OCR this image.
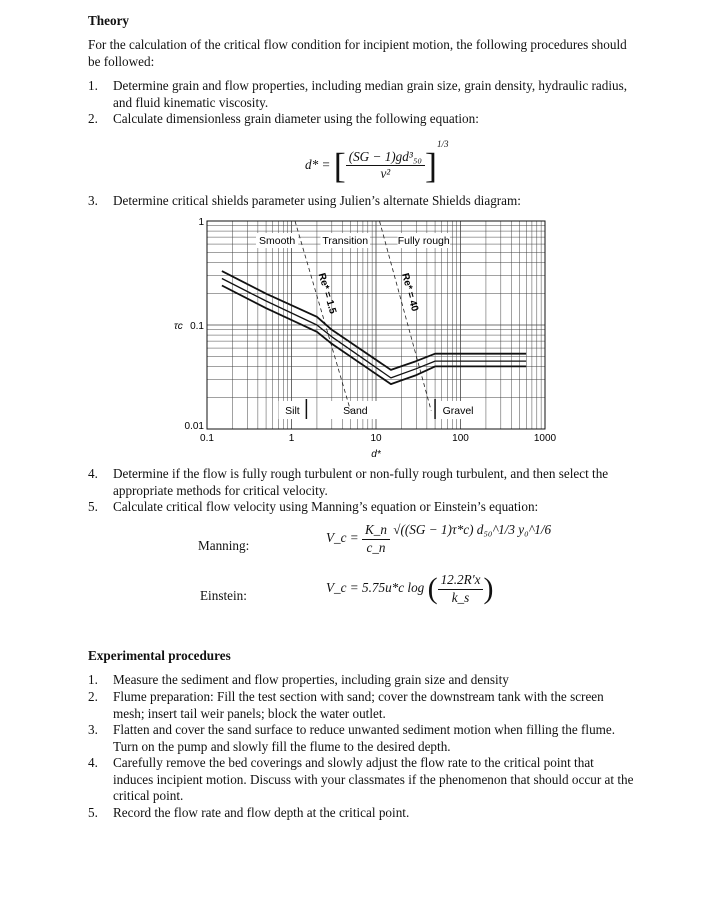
Theory
For the calculation of the critical flow condition for incipient motion, the following procedures should be followed:
1. Determine grain and flow properties, including median grain size, grain density, hydraulic radius, and fluid kinematic viscosity.
2. Calculate dimensionless grain diameter using the following equation:
d* = [ $\frac{\text{(SG − 1)gd³₅₀}}{\text{ν²}} ]^{1/3}$
3. Determine critical shields parameter using Julien’s alternate Shields diagram:
Smooth	Transition	Fully rough
Silt	Sand	Gravel
Re* = 1.5	Re* = 40
0.1	1	10	100	1000
0.01
0.1
1
d*
τc
4. Determine if the flow is fully rough turbulent or non-fully rough turbulent, and then select the appropriate methods for critical velocity.
5. Calculate critical flow velocity using Manning’s equation or Einstein’s equation:
Manning:
V_c = $\frac{K\_n}{c\_n} √((SG - 1)\tau*c)$ d₅₀^1/3 y₀^1/6
Einstein:
V_c = 5.75u*c log ( $\frac{12.2R'x}{k\_s}$ )
Experimental procedures
1. Measure the sediment and flow properties, including grain size and density
2. Flume preparation: Fill the test section with sand; cover the downstream tank with the screen mesh; insert tail weir panels; block the water outlet.
3. Flatten and cover the sand surface to reduce unwanted sediment motion when filling the flume. Turn on the pump and slowly fill the flume to the desired depth.
4. Carefully remove the bed coverings and slowly adjust the flow rate to the critical point that induces incipient motion. Discuss with your classmates if the phenomenon that should occur at the critical point.
5. Record the flow rate and flow depth at the critical point.
